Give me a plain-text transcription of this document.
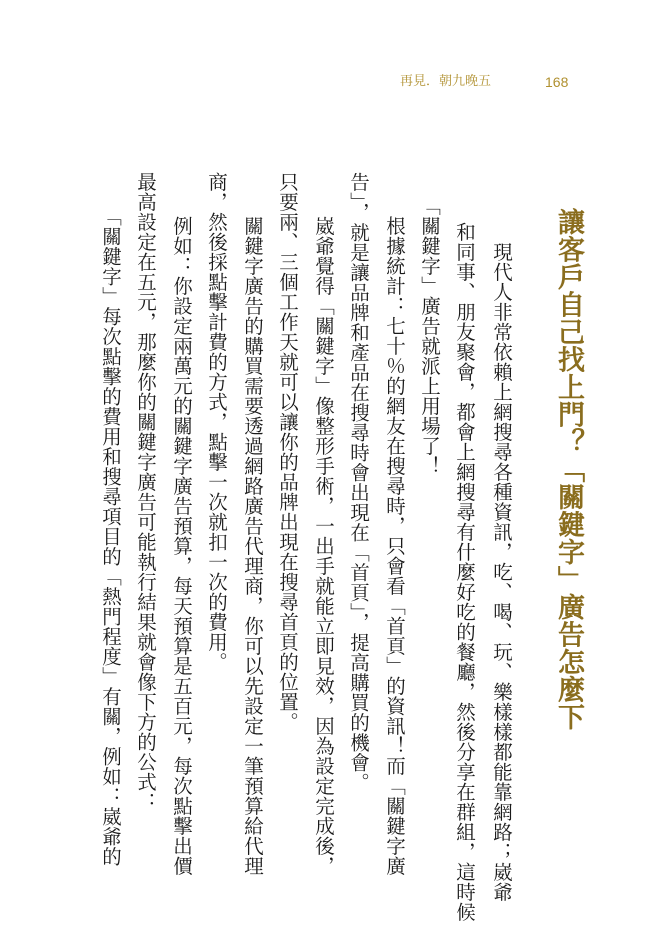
再見．朝九晚五	168
讓客戶自己找上門？「關鍵字」廣告怎麼下
　現代人非常依賴上網搜尋各種資訊，吃、喝、玩、樂樣樣都能靠網路；崴爺
和同事、朋友聚會，都會上網搜尋有什麼好吃的餐廳，然後分享在群組，這時候
「關鍵字」廣告就派上用場了！
　根據統計：七十％的網友在搜尋時，只會看「首頁」的資訊！而「關鍵字廣
告」，就是讓品牌和產品在搜尋時會出現在「首頁」，提高購買的機會。
　崴爺覺得「關鍵字」像整形手術，一出手就能立即見效，因為設定完成後，
只要兩、三個工作天就可以讓你的品牌出現在搜尋首頁的位置。
　關鍵字廣告的購買需要透過網路廣告代理商，你可以先設定一筆預算給代理
商，然後採點擊計費的方式，點擊一次就扣一次的費用。
　例如：你設定兩萬元的關鍵字廣告預算，每天預算是五百元，每次點擊出價
最高設定在五元，那麼你的關鍵字廣告可能執行結果就會像下方的公式：
　「關鍵字」每次點擊的費用和搜尋項目的「熱門程度」有關，例如：崴爺的
